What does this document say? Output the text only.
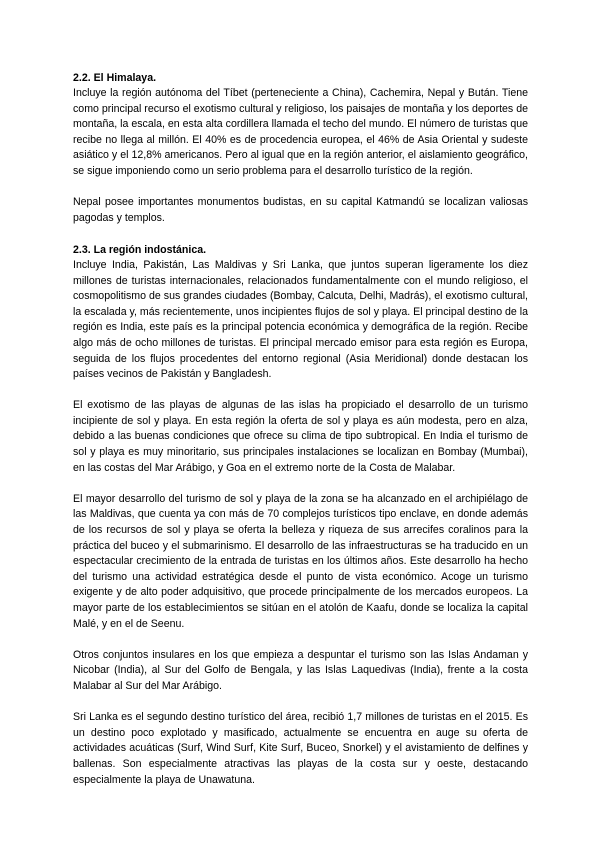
2.2. El Himalaya.

Incluye la región autónoma del Tíbet (perteneciente a China), Cachemira, Nepal y Bután. Tiene como principal recurso el exotismo cultural y religioso, los paisajes de montaña y los deportes de montaña, la escala, en esta alta cordillera llamada el techo del mundo. El número de turistas que recibe no llega al millón. El 40% es de procedencia europea, el 46% de Asia Oriental y sudeste asiático y el 12,8% americanos. Pero al igual que en la región anterior, el aislamiento geográfico, se sigue imponiendo como un serio problema para el desarrollo turístico de la región.

Nepal posee importantes monumentos budistas, en su capital Katmandú se localizan valiosas pagodas y templos.

2.3. La región indostánica.

Incluye India, Pakistán, Las Maldivas y Sri Lanka, que juntos superan ligeramente los diez millones de turistas internacionales, relacionados fundamentalmente con el mundo religioso, el cosmopolitismo de sus grandes ciudades (Bombay, Calcuta, Delhi, Madrás), el exotismo cultural, la escalada y, más recientemente, unos incipientes flujos de sol y playa. El principal destino de la región es India, este país es la principal potencia económica y demográfica de la región. Recibe algo más de ocho millones de turistas. El principal mercado emisor para esta región es Europa, seguida de los flujos procedentes del entorno regional (Asia Meridional) donde destacan los países vecinos de Pakistán y Bangladesh.

El exotismo de las playas de algunas de las islas ha propiciado el desarrollo de un turismo incipiente de sol y playa. En esta región la oferta de sol y playa es aún modesta, pero en alza, debido a las buenas condiciones que ofrece su clima de tipo subtropical. En India el turismo de sol y playa es muy minoritario, sus principales instalaciones se localizan en Bombay (Mumbai), en las costas del Mar Arábigo, y Goa en el extremo norte de la Costa de Malabar.

El mayor desarrollo del turismo de sol y playa de la zona se ha alcanzado en el archipiélago de las Maldivas, que cuenta ya con más de 70 complejos turísticos tipo enclave, en donde además de los recursos de sol y playa se oferta la belleza y riqueza de sus arrecifes coralinos para la práctica del buceo y el submarinismo. El desarrollo de las infraestructuras se ha traducido en un espectacular crecimiento de la entrada de turistas en los últimos años. Este desarrollo ha hecho del turismo una actividad estratégica desde el punto de vista económico. Acoge un turismo exigente y de alto poder adquisitivo, que procede principalmente de los mercados europeos. La mayor parte de los establecimientos se sitúan en el atolón de Kaafu, donde se localiza la capital Malé, y en el de Seenu.

Otros conjuntos insulares en los que empieza a despuntar el turismo son las Islas Andaman y Nicobar (India), al Sur del Golfo de Bengala, y las Islas Laquedivas (India), frente a la costa Malabar al Sur del Mar Arábigo.

Sri Lanka es el segundo destino turístico del área, recibió 1,7 millones de turistas en el 2015. Es un destino poco explotado y masificado, actualmente se encuentra en auge su oferta de actividades acuáticas (Surf, Wind Surf, Kite Surf, Buceo, Snorkel) y el avistamiento de delfines y ballenas. Son especialmente atractivas las playas de la costa sur y oeste, destacando especialmente la playa de Unawatuna.
